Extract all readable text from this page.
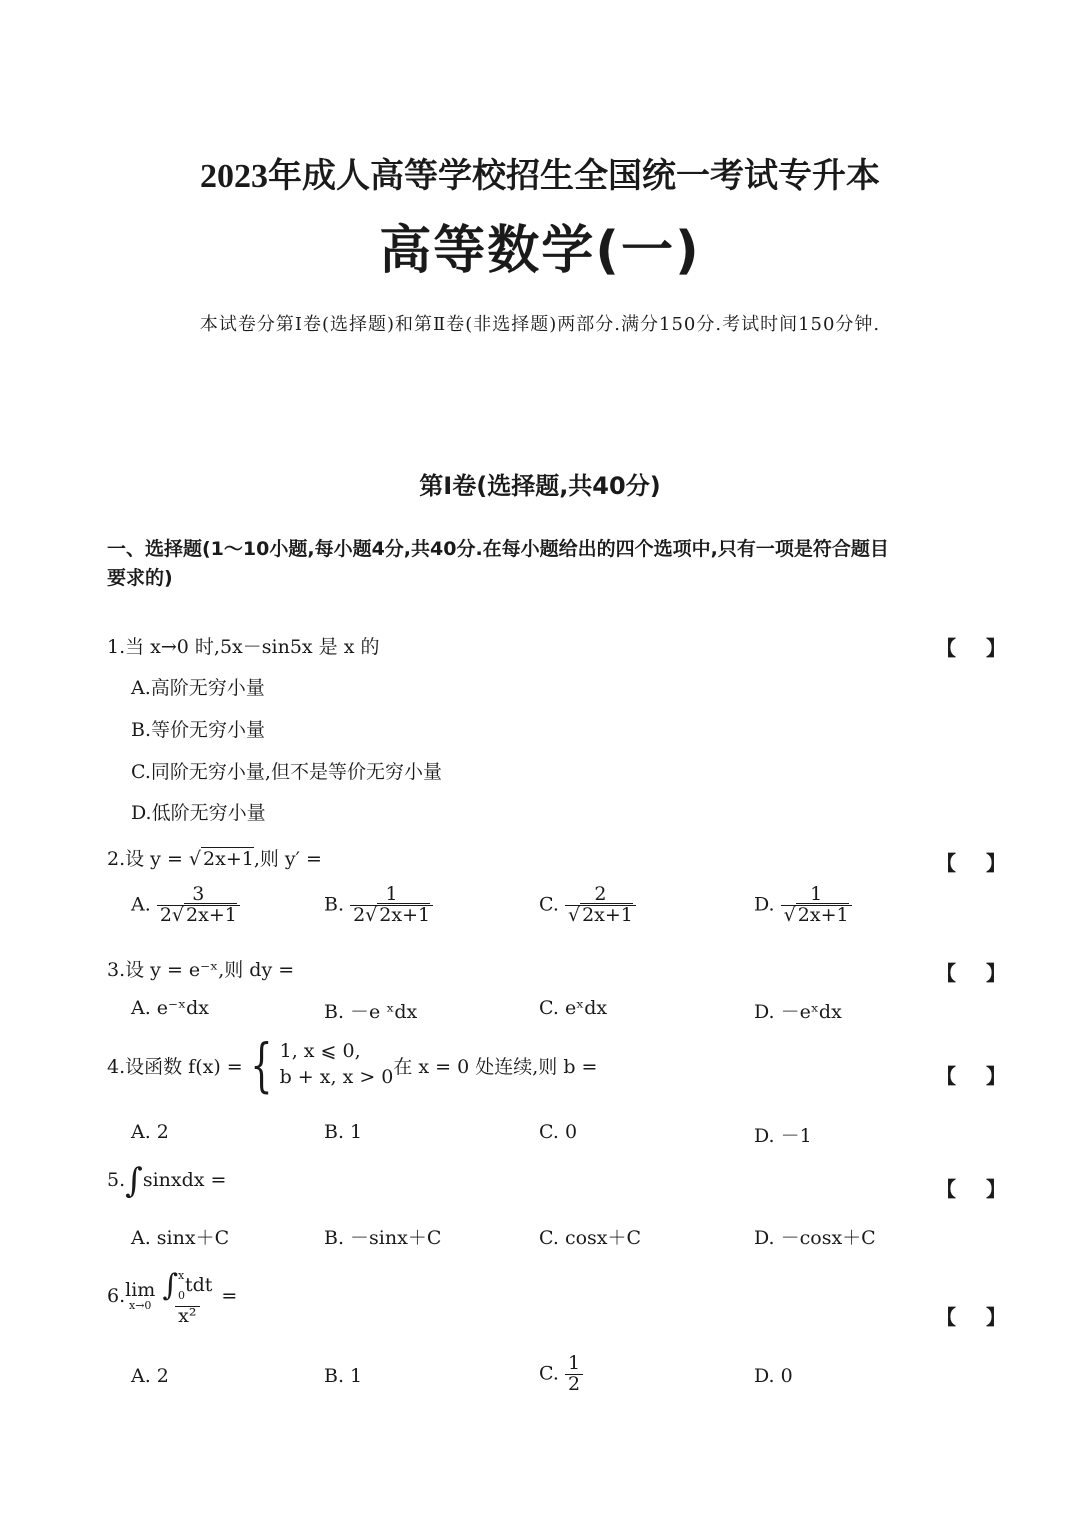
2023年成人高等学校招生全国统一考试专升本
高等数学(一)
本试卷分第Ⅰ卷(选择题)和第Ⅱ卷(非选择题)两部分.满分150分.考试时间150分钟.
第Ⅰ卷(选择题,共40分)
一、选择题(1～10小题,每小题4分,共40分.在每小题给出的四个选项中,只有一项是符合题目
要求的)
1.当 x→0 时,5x－sin5x 是 x 的	【 】
A.高阶无穷小量
B.等价无穷小量
C.同阶无穷小量,但不是等价无穷小量
D.低阶无穷小量
2.设 y = √ 2x+1,则 y′ =	【 】
A. $\frac{3}{2√ 2x+1}$	B. $\frac{1}{2√ 2x+1}$	C. $\frac{2}{√ 2x+1}$	D. $\frac{1}{√ 2x+1}$
3.设 y = e⁻ˣ,则 dy =	【 】
A. e⁻ˣdx	B. －e ˣdx	C. eˣdx	D. －eˣdx
4.设函数 f(x) = { 1, x ⩽ 0,
b + x, x > 0 在 x = 0 处连续,则 b =	【 】
A. 2	B. 1	C. 0	D. －1
5.∫sinxdx =	【 】
A. sinx＋C	B. －sinx＋C	C. cosx＋C	D. －cosx＋C
6. lim
x→0 ∫ x
0 tdt
x² =
【 】
A. 2	B. 1	C. $\frac{1}{2}$	D. 0
